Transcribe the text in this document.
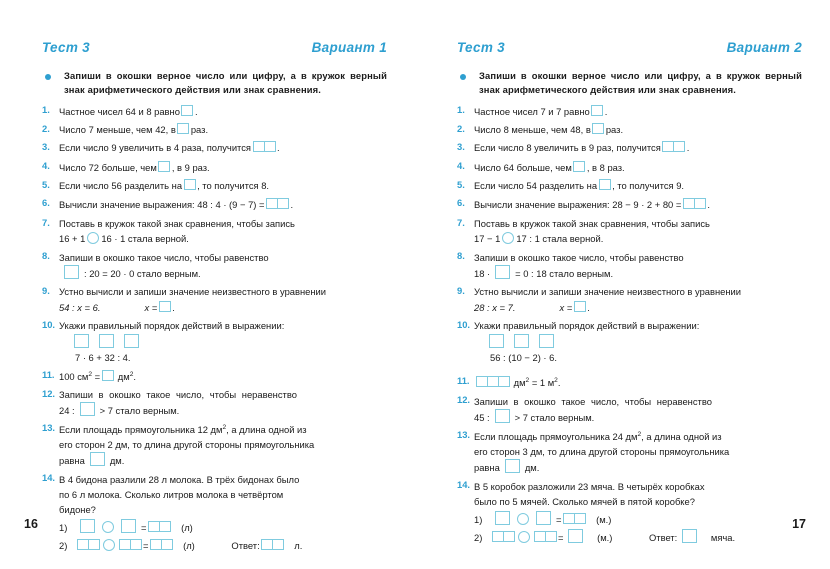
Тест 3	Вариант 1
Запиши в окошки верное число или цифру, а в кружок верный знак арифметического действия или знак сравнения.
1. Частное чисел 64 и 8 равно .
2. Число 7 меньше, чем 42, в раз.
3. Если число 9 увеличить в 4 раза, получится	.
4. Число 72 больше, чем , в 9 раз.
5. Если число 56 разделить на , то получится 8.
6. Вычисли значение выражения: 48 : 4 · (9 − 7) =	.
7. Поставь в кружок такой знак сравнения, чтобы запись
16 + 1 16 · 1 стала верной.
8. Запиши в окошко такое число, чтобы равенство
: 20 = 20 · 0 стало верным.
9. Устно вычисли и запиши значение неизвестного в уравнении
54 : x = 6.	x = .
10. Укажи правильный порядок действий в выражении:
7 · 6 + 32 : 4.
11. 100 $см^2 = дм^2$.
12. Запиши в окошко такое число, чтобы неравенство
24 :	> 7 стало верным.
13. Если площадь прямоугольника 12 $дм^2$, а длина одной из
его сторон 2 дм, то длина другой стороны прямоугольника
равна	дм.
14. В 4 бидона разлили 28 л молока. В трёх бидонах было
по 6 л молока. Сколько литров молока в четвёртом
бидоне?
1)	=	(л)
2)	=	(л)	Ответ:	л.
16
Тест 3	Вариант 2
Запиши в окошки верное число или цифру, а в кружок верный знак арифметического действия или знак сравнения.
1. Частное чисел 7 и 7 равно .
2. Число 8 меньше, чем 48, в раз.
3. Если число 8 увеличить в 9 раз, получится	.
4. Число 64 больше, чем , в 8 раз.
5. Если число 54 разделить на , то получится 9.
6. Вычисли значение выражения: 28 − 9 · 2 + 80 =	.
7. Поставь в кружок такой знак сравнения, чтобы запись
17 − 1 17 : 1 стала верной.
8. Запиши в окошко такое число, чтобы равенство
18 ·	= 0 : 18 стало верным.
9. Устно вычисли и запиши значение неизвестного в уравнении
28 : x = 7.	x = .
10. Укажи правильный порядок действий в выражении:
56 : (10 − 2) · 6.
11.	$дм^2 = 1$ $м^2$.
12. Запиши в окошко такое число, чтобы неравенство
45 :	> 7 стало верным.
13. Если площадь прямоугольника 24 $дм^2$, а длина одной из
его сторон 3 дм, то длина другой стороны прямоугольника
равна	дм.
14. В 5 коробок разложили 23 мяча. В четырёх коробках
было по 5 мячей. Сколько мячей в пятой коробке?
1)	=	(м.)
2)	=	(м.)	Ответ:	мяча.
17
